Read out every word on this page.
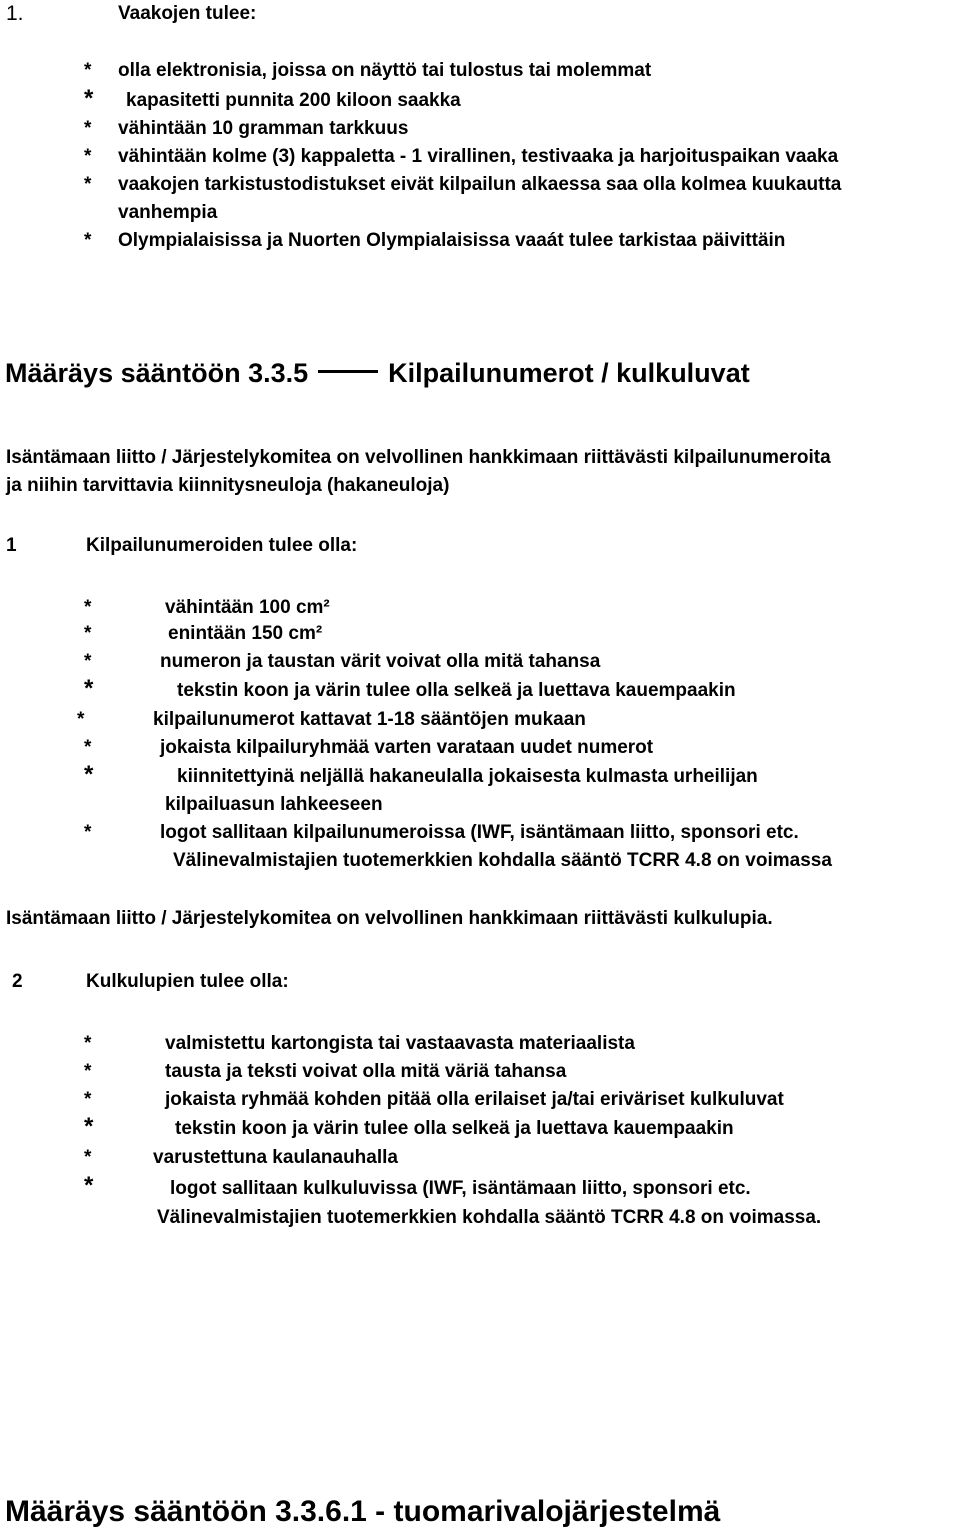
1.	Vaakojen tulee:
* olla elektronisia, joissa on näyttö tai tulostus tai molemmat
* kapasitetti punnita 200 kiloon saakka
* vähintään 10 gramman tarkkuus
* vähintään kolme (3) kappaletta - 1 virallinen, testivaaka ja harjoituspaikan vaaka
* vaakojen tarkistustodistukset eivät kilpailun alkaessa saa olla kolmea kuukautta
vanhempia
* Olympialaisissa ja Nuorten Olympialaisissa vaaát tulee tarkistaa päivittäin
Määräys sääntöön 3.3.5	Kilpailunumerot / kulkuluvat
Isäntämaan liitto / Järjestelykomitea on velvollinen hankkimaan riittävästi kilpailunumeroita
ja niihin tarvittavia kiinnitysneuloja (hakaneuloja)
1	Kilpailunumeroiden tulee olla:
*	vähintään 100 cm²
*	enintään 150 cm²
*	numeron ja taustan värit voivat olla mitä tahansa
*	tekstin koon ja värin tulee olla selkeä ja luettava kauempaakin
*	kilpailunumerot kattavat 1-18 sääntöjen mukaan
*	jokaista kilpailuryhmää varten varataan uudet numerot
*	kiinnitettyinä neljällä hakaneulalla jokaisesta kulmasta urheilijan
kilpailuasun lahkeeseen
*	logot sallitaan kilpailunumeroissa (IWF, isäntämaan liitto, sponsori etc.
Välinevalmistajien tuotemerkkien kohdalla sääntö TCRR 4.8 on voimassa
Isäntämaan liitto / Järjestelykomitea on velvollinen hankkimaan riittävästi kulkulupia.
2	Kulkulupien tulee olla:
*	valmistettu kartongista tai vastaavasta materiaalista
*	tausta ja teksti voivat olla mitä väriä tahansa
*	jokaista ryhmää kohden pitää olla erilaiset ja/tai eriväriset kulkuluvat
*	tekstin koon ja värin tulee olla selkeä ja luettava kauempaakin
*	varustettuna kaulanauhalla
*	logot sallitaan kulkuluvissa (IWF, isäntämaan liitto, sponsori etc.
Välinevalmistajien tuotemerkkien kohdalla sääntö TCRR 4.8 on voimassa.
Määräys sääntöön 3.3.6.1 - tuomarivalojärjestelmä
